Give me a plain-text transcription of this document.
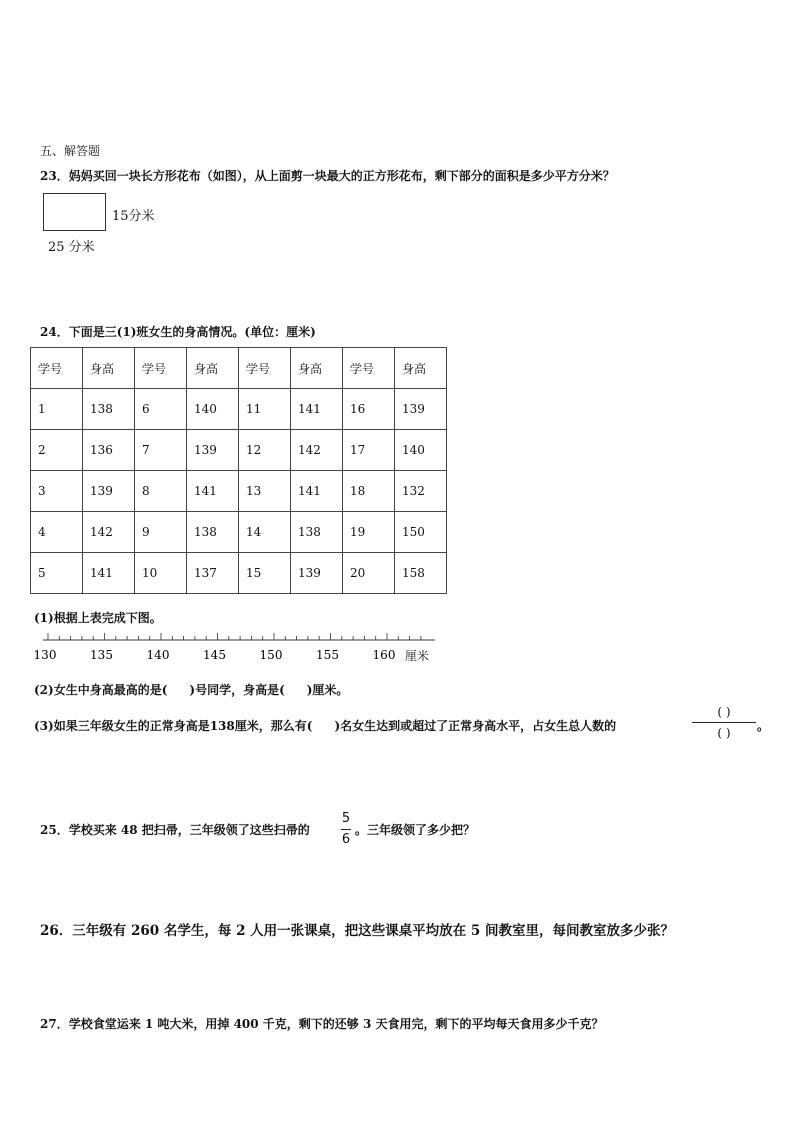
五、解答题
23．妈妈买回一块长方形花布（如图），从上面剪一块最大的正方形花布，剩下部分的面积是多少平方分米？
15分米
25 分米
24．下面是三(1)班女生的身高情况。(单位：厘米)
学号	身高	学号	身高	学号	身高	学号	身高
1	138	6	140	11	141	16	139
2	136	7	139	12	142	17	140
3	139	8	141	13	141	18	132
4	142	9	138	14	138	19	150
5	141	10	137	15	139	20	158
(1)根据上表完成下图。
130	135	140	145	150	155	160 厘米
(2)女生中身高最高的是( )号同学，身高是( )厘米。
(3)如果三年级女生的正常身高是138厘米，那么有( )名女生达到或超过了正常身高水平，占女生总人数的
( )
( )	。
25．学校买来 48 把扫帚，三年级领了这些扫帚的
5
6
。三年级领了多少把？
26．三年级有 260 名学生，每 2 人用一张课桌，把这些课桌平均放在 5 间教室里，每间教室放多少张？
27．学校食堂运来 1 吨大米，用掉 400 千克，剩下的还够 3 天食用完，剩下的平均每天食用多少千克？
